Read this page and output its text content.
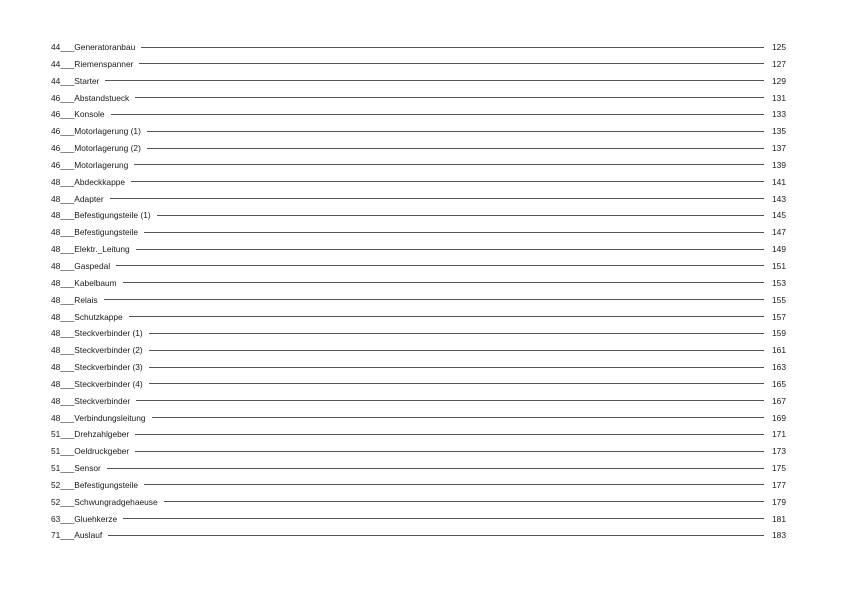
44___Generatoranbau	125
44___Riemenspanner	127
44___Starter	129
46___Abstandstueck	131
46___Konsole	133
46___Motorlagerung (1)	135
46___Motorlagerung (2)	137
46___Motorlagerung	139
48___Abdeckkappe	141
48___Adapter	143
48___Befestigungsteile (1)	145
48___Befestigungsteile	147
48___Elektr._Leitung	149
48___Gaspedal	151
48___Kabelbaum	153
48___Relais	155
48___Schutzkappe	157
48___Steckverbinder (1)	159
48___Steckverbinder (2)	161
48___Steckverbinder (3)	163
48___Steckverbinder (4)	165
48___Steckverbinder	167
48___Verbindungsleitung	169
51___Drehzahlgeber	171
51___Oeldruckgeber	173
51___Sensor	175
52___Befestigungsteile	177
52___Schwungradgehaeuse	179
63___Gluehkerze	181
71___Auslauf	183
